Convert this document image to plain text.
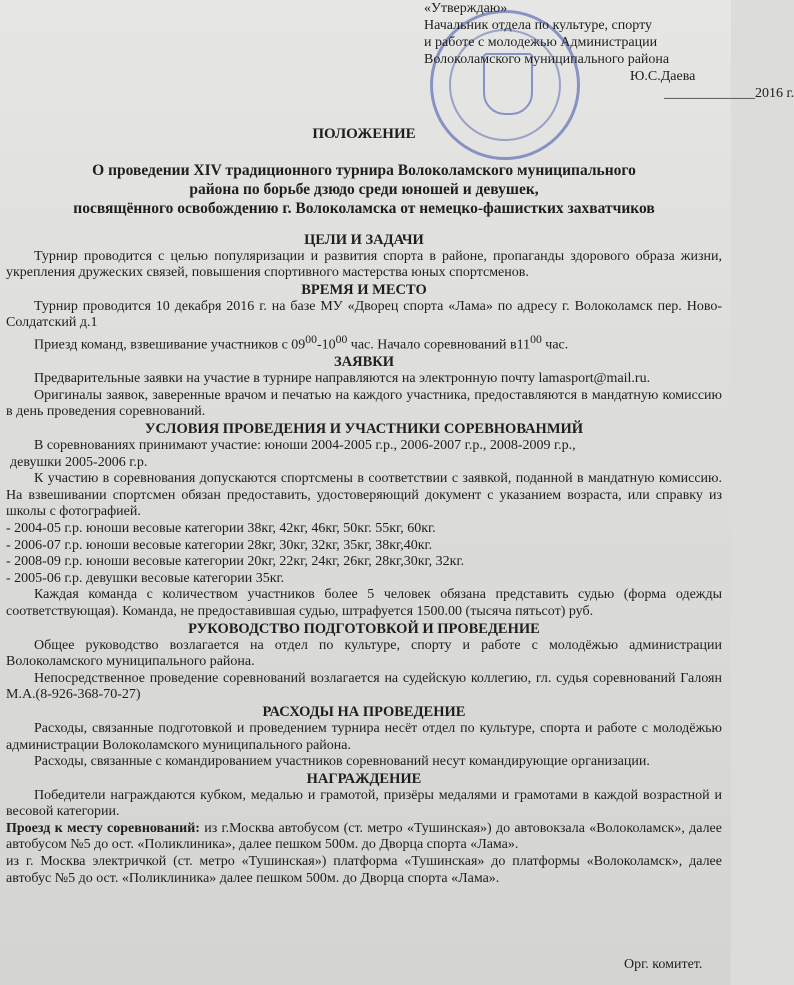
«Утверждаю»
Начальник отдела по культуре, спорту
и работе с молодежью Администрации
Волоколамского муниципального района
Ю.С.Даева
_____________2016 г.
ПОЛОЖЕНИЕ
О проведении XIV традиционного турнира Волоколамского муниципального
района по борьбе дзюдо среди юношей и девушек,
посвящённого освобождению г. Волоколамска от немецко-фашистких захватчиков
ЦЕЛИ И ЗАДАЧИ

Турнир проводится с целью популяризации и развития спорта в районе, пропаганды здорового образа жизни, укрепления дружеских связей, повышения спортивного мастерства юных спортсменов.

ВРЕМЯ И МЕСТО

Турнир проводится 10 декабря 2016 г. на базе МУ «Дворец спорта «Лама» по адресу г. Волоколамск пер. Ново-Солдатский д.1

Приезд команд, взвешивание участников с $09^{00}-10^{00}$ час. Начало соревнований $в11^{00}$ час.

ЗАЯВКИ

Предварительные заявки на участие в турнире направляются на электронную почту lamasport@mail.ru.

Оригиналы заявок, заверенные врачом и печатью на каждого участника, предоставляются в мандатную комиссию в день проведения соревнований.

УСЛОВИЯ ПРОВЕДЕНИЯ И УЧАСТНИКИ СОРЕВНОВАНМИЙ

В соревнованиях принимают участие: юноши 2004-2005 г.р., 2006-2007 г.р., 2008-2009 г.р.,

девушки 2005-2006 г.р.

К участию в соревнования допускаются спортсмены в соответствии с заявкой, поданной в мандатную комиссию. На взвешивании спортсмен обязан предоставить, удостоверяющий документ с указанием возраста, или справку из школы с фотографией.

- 2004-05 г.р. юноши весовые категории 38кг, 42кг, 46кг, 50кг. 55кг, 60кг.

- 2006-07 г.р. юноши весовые категории 28кг, 30кг, 32кг, 35кг, 38кг,40кг.

- 2008-09 г.р. юноши весовые категории 20кг, 22кг, 24кг, 26кг, 28кг,30кг, 32кг.

- 2005-06 г.р. девушки весовые категории 35кг.

Каждая команда с количеством участников более 5 человек обязана представить судью (форма одежды соответствующая). Команда, не предоставившая судью, штрафуется 1500.00 (тысяча пятьсот) руб.

РУКОВОДСТВО ПОДГОТОВКОЙ И ПРОВЕДЕНИЕ

Общее руководство возлагается на отдел по культуре, спорту и работе с молодёжью администрации Волоколамского муниципального района.

Непосредственное проведение соревнований возлагается на судейскую коллегию, гл. судья соревнований Галоян М.А.(8-926-368-70-27)

РАСХОДЫ НА ПРОВЕДЕНИЕ

Расходы, связанные подготовкой и проведением турнира несёт отдел по культуре, спорта и работе с молодёжью администрации Волоколамского муниципального района.

Расходы, связанные с командированием участников соревнований несут командирующие организации.

НАГРАЖДЕНИЕ

Победители награждаются кубком, медалью и грамотой, призёры медалями и грамотами в каждой возрастной и весовой категории.

Проезд к месту соревнований: из г.Москва автобусом (ст. метро «Тушинская») до автовокзала «Волоколамск», далее автобусом №5 до ост. «Поликлиника», далее пешком 500м. до Дворца спорта «Лама».

из г. Москва электричкой (ст. метро «Тушинская») платформа «Тушинская» до платформы «Волоколамск», далее автобус №5 до ост. «Поликлиника» далее пешком 500м. до Дворца спорта «Лама».

Орг. комитет.
